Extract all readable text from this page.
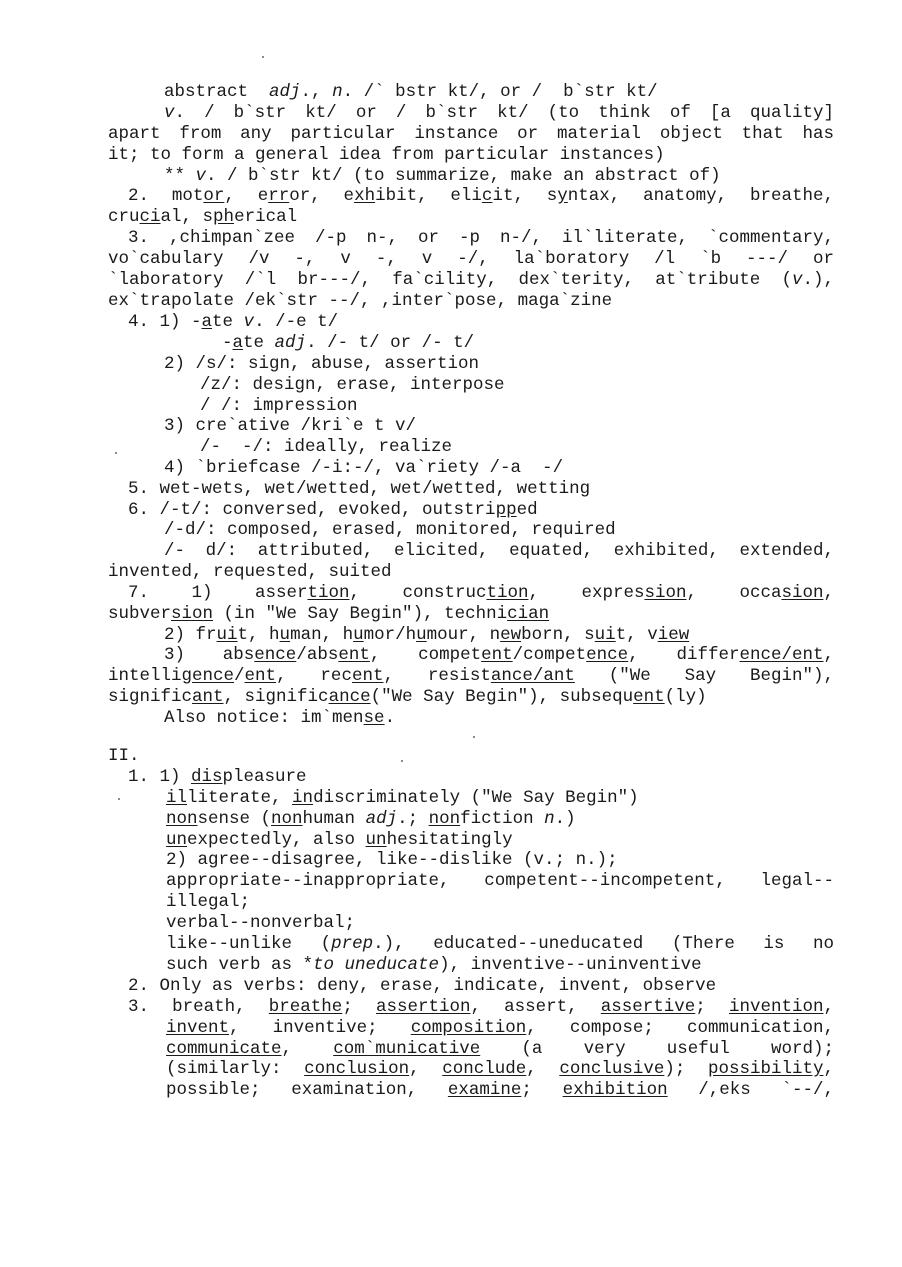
abstract  adj., n. /` bstr kt/, or /  b`str kt/
v. / b`str kt/ or / b`str kt/ (to think of [a quality]
apart from any particular instance or material object that has
it; to form a general idea from particular instances)
** v. / b`str kt/ (to summarize, make an abstract of)
2. motor, error, exhibit, elicit, syntax, anatomy, breathe,
crucial, spherical
3. ,chimpan`zee /-p n-, or -p n-/, il`literate, `commentary,
vo`cabulary /v -, v -, v -/, la`boratory /l `b ---/ or
`laboratory /`l br---/, fa`cility, dex`terity, at`tribute (v.),
ex`trapolate /ek`str --/, ,inter`pose, maga`zine
4. 1) -ate v. /-e t/
-ate adj. /- t/ or /- t/
2) /s/: sign, abuse, assertion
/z/: design, erase, interpose
/ /: impression
3) cre`ative /kri`e t v/
/-  -/: ideally, realize
4) `briefcase /-i:-/, va`riety /-a  -/
5. wet-wets, wet/wetted, wet/wetted, wetting
6. /-t/: conversed, evoked, outstripped
/-d/: composed, erased, monitored, required
/- d/: attributed, elicited, equated, exhibited, extended,
invented, requested, suited
7. 1) assertion, construction, expression, occasion,
subversion (in "We Say Begin"), technician
2) fruit, human, humor/humour, newborn, suit, view
3) absence/absent, competent/competence, difference/ent,
intelligence/ent, recent, resistance/ant ("We Say Begin"),
significant, significance("We Say Begin"), subsequent(ly)
Also notice: im`mense.
II.
1. 1) displeasure
illiterate, indiscriminately ("We Say Begin")
nonsense (nonhuman adj.; nonfiction n.)
unexpectedly, also unhesitatingly
2) agree--disagree, like--dislike (v.; n.);
appropriate--inappropriate, competent--incompetent, legal--
illegal;
verbal--nonverbal;
like--unlike (prep.), educated--uneducated (There is no
such verb as *to uneducate), inventive--uninventive
2. Only as verbs: deny, erase, indicate, invent, observe
3. breath, breathe; assertion, assert, assertive; invention,
invent, inventive; composition, compose; communication,
communicate, com`municative (a very useful word);
(similarly: conclusion, conclude, conclusive); possibility,
possible; examination, examine; exhibition /,eks `--/,
